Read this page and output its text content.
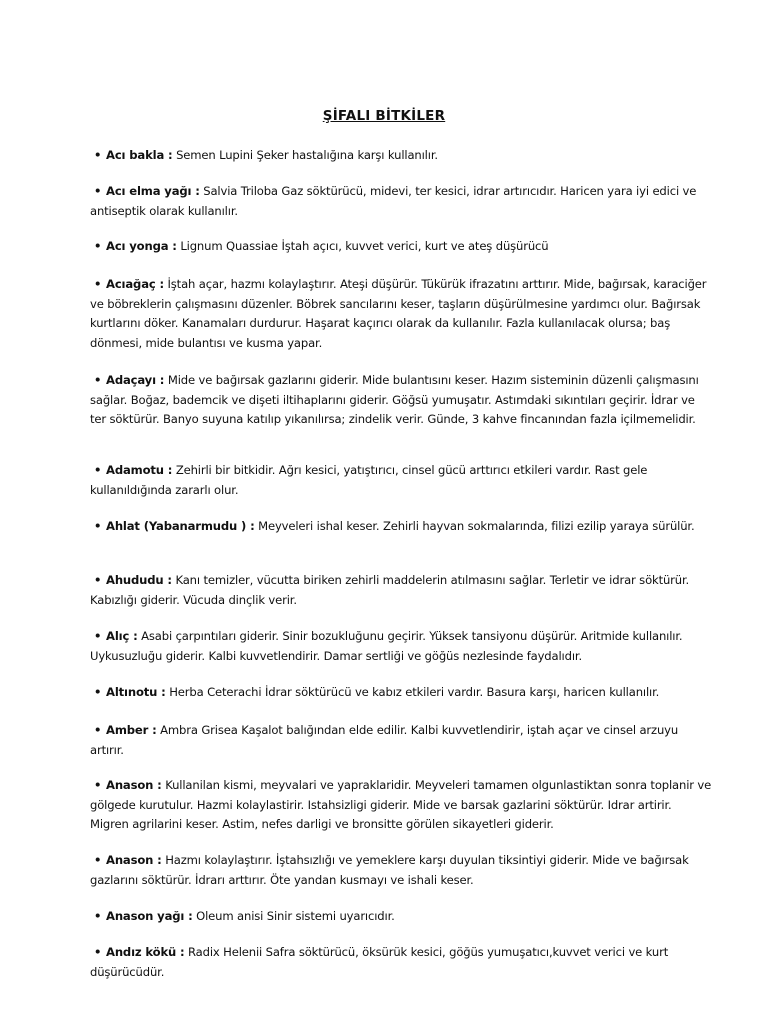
ŞİFALI BİTKİLER
• Acı bakla : Semen Lupini Şeker hastalığına karşı kullanılır.
• Acı elma yağı : Salvia Triloba Gaz söktürücü, midevi, ter kesici, idrar artırıcıdır. Haricen yara iyi edici ve antiseptik olarak kullanılır.
• Acı yonga : Lignum Quassiae İştah açıcı, kuvvet verici, kurt ve ateş düşürücü
• Acıağaç : İştah açar, hazmı kolaylaştırır. Ateşi düşürür. Tükürük ifrazatını arttırır. Mide, bağırsak, karaciğer ve böbreklerin çalışmasını düzenler. Böbrek sancılarını keser, taşların düşürülmesine yardımcı olur. Bağırsak kurtlarını döker. Kanamaları durdurur. Haşarat kaçırıcı olarak da kullanılır. Fazla kullanılacak olursa; baş dönmesi, mide bulantısı ve kusma yapar.
• Adaçayı : Mide ve bağırsak gazlarını giderir. Mide bulantısını keser. Hazım sisteminin düzenli çalışmasını sağlar. Boğaz, bademcik ve dişeti iltihaplarını giderir. Göğsü yumuşatır. Astımdaki sıkıntıları geçirir. İdrar ve ter söktürür. Banyo suyuna katılıp yıkanılırsa; zindelik verir. Günde, 3 kahve fincanından fazla içilmemelidir.
• Adamotu : Zehirli bir bitkidir. Ağrı kesici, yatıştırıcı, cinsel gücü arttırıcı etkileri vardır. Rast gele kullanıldığında zararlı olur.
• Ahlat (Yabanarmudu ) : Meyveleri ishal keser. Zehirli hayvan sokmalarında, filizi ezilip yaraya sürülür.
• Ahududu : Kanı temizler, vücutta biriken zehirli maddelerin atılmasını sağlar. Terletir ve idrar söktürür. Kabızlığı giderir. Vücuda dinçlik verir.
• Alıç : Asabi çarpıntıları giderir. Sinir bozukluğunu geçirir. Yüksek tansiyonu düşürür. Aritmide kullanılır. Uykusuzluğu giderir. Kalbi kuvvetlendirir. Damar sertliği ve göğüs nezlesinde faydalıdır.
• Altınotu : Herba Ceterachi İdrar söktürücü ve kabız etkileri vardır. Basura karşı, haricen kullanılır.
• Amber : Ambra Grisea Kaşalot balığından elde edilir. Kalbi kuvvetlendirir, iştah açar ve cinsel arzuyu artırır.
• Anason : Kullanilan kismi, meyvalari ve yapraklaridir. Meyveleri tamamen olgunlastiktan sonra toplanir ve gölgede kurutulur. Hazmi kolaylastirir. Istahsizligi giderir. Mide ve barsak gazlarini söktürür. Idrar artirir. Migren agrilarini keser. Astim, nefes darligi ve bronsitte görülen sikayetleri giderir.
• Anason : Hazmı kolaylaştırır. İştahsızlığı ve yemeklere karşı duyulan tiksintiyi giderir. Mide ve bağırsak gazlarını söktürür. İdrarı arttırır. Öte yandan kusmayı ve ishali keser.
• Anason yağı : Oleum anisi Sinir sistemi uyarıcıdır.
• Andız kökü : Radix Helenii Safra söktürücü, öksürük kesici, göğüs yumuşatıcı,kuvvet verici ve kurt düşürücüdür.
